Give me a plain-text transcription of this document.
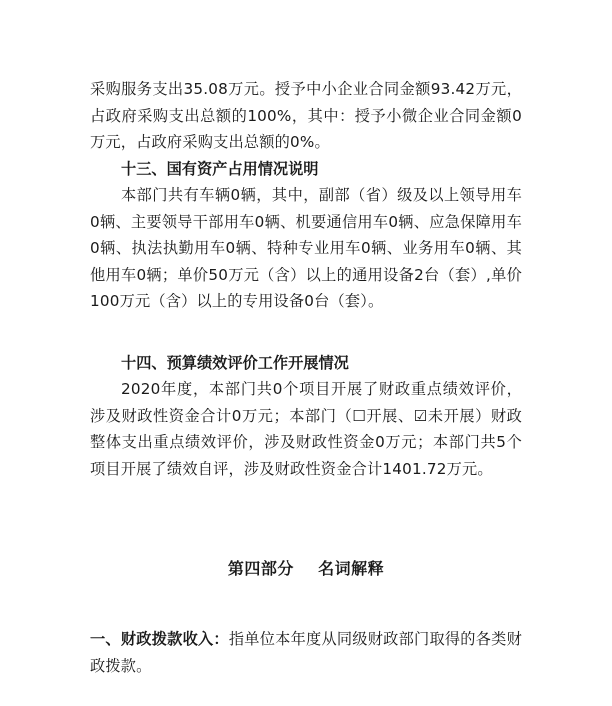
采购服务支出35.08万元。授予中小企业合同金额93.42万元，占政府采购支出总额的100%，其中：授予小微企业合同金额0万元，占政府采购支出总额的0%。

十三、国有资产占用情况说明

本部门共有车辆0辆，其中，副部（省）级及以上领导用车0辆、主要领导干部用车0辆、机要通信用车0辆、应急保障用车0辆、执法执勤用车0辆、特种专业用车0辆、业务用车0辆、其他用车0辆；单价50万元（含）以上的通用设备2台（套）,单价100万元（含）以上的专用设备0台（套）。

十四、预算绩效评价工作开展情况

2020年度，本部门共0个项目开展了财政重点绩效评价，涉及财政性资金合计0万元；本部门（☐开展、☑未开展）财政整体支出重点绩效评价，涉及财政性资金0万元；本部门共5个项目开展了绩效自评，涉及财政性资金合计1401.72万元。

第四部分    名词解释

一、财政拨款收入：指单位本年度从同级财政部门取得的各类财政拨款。
